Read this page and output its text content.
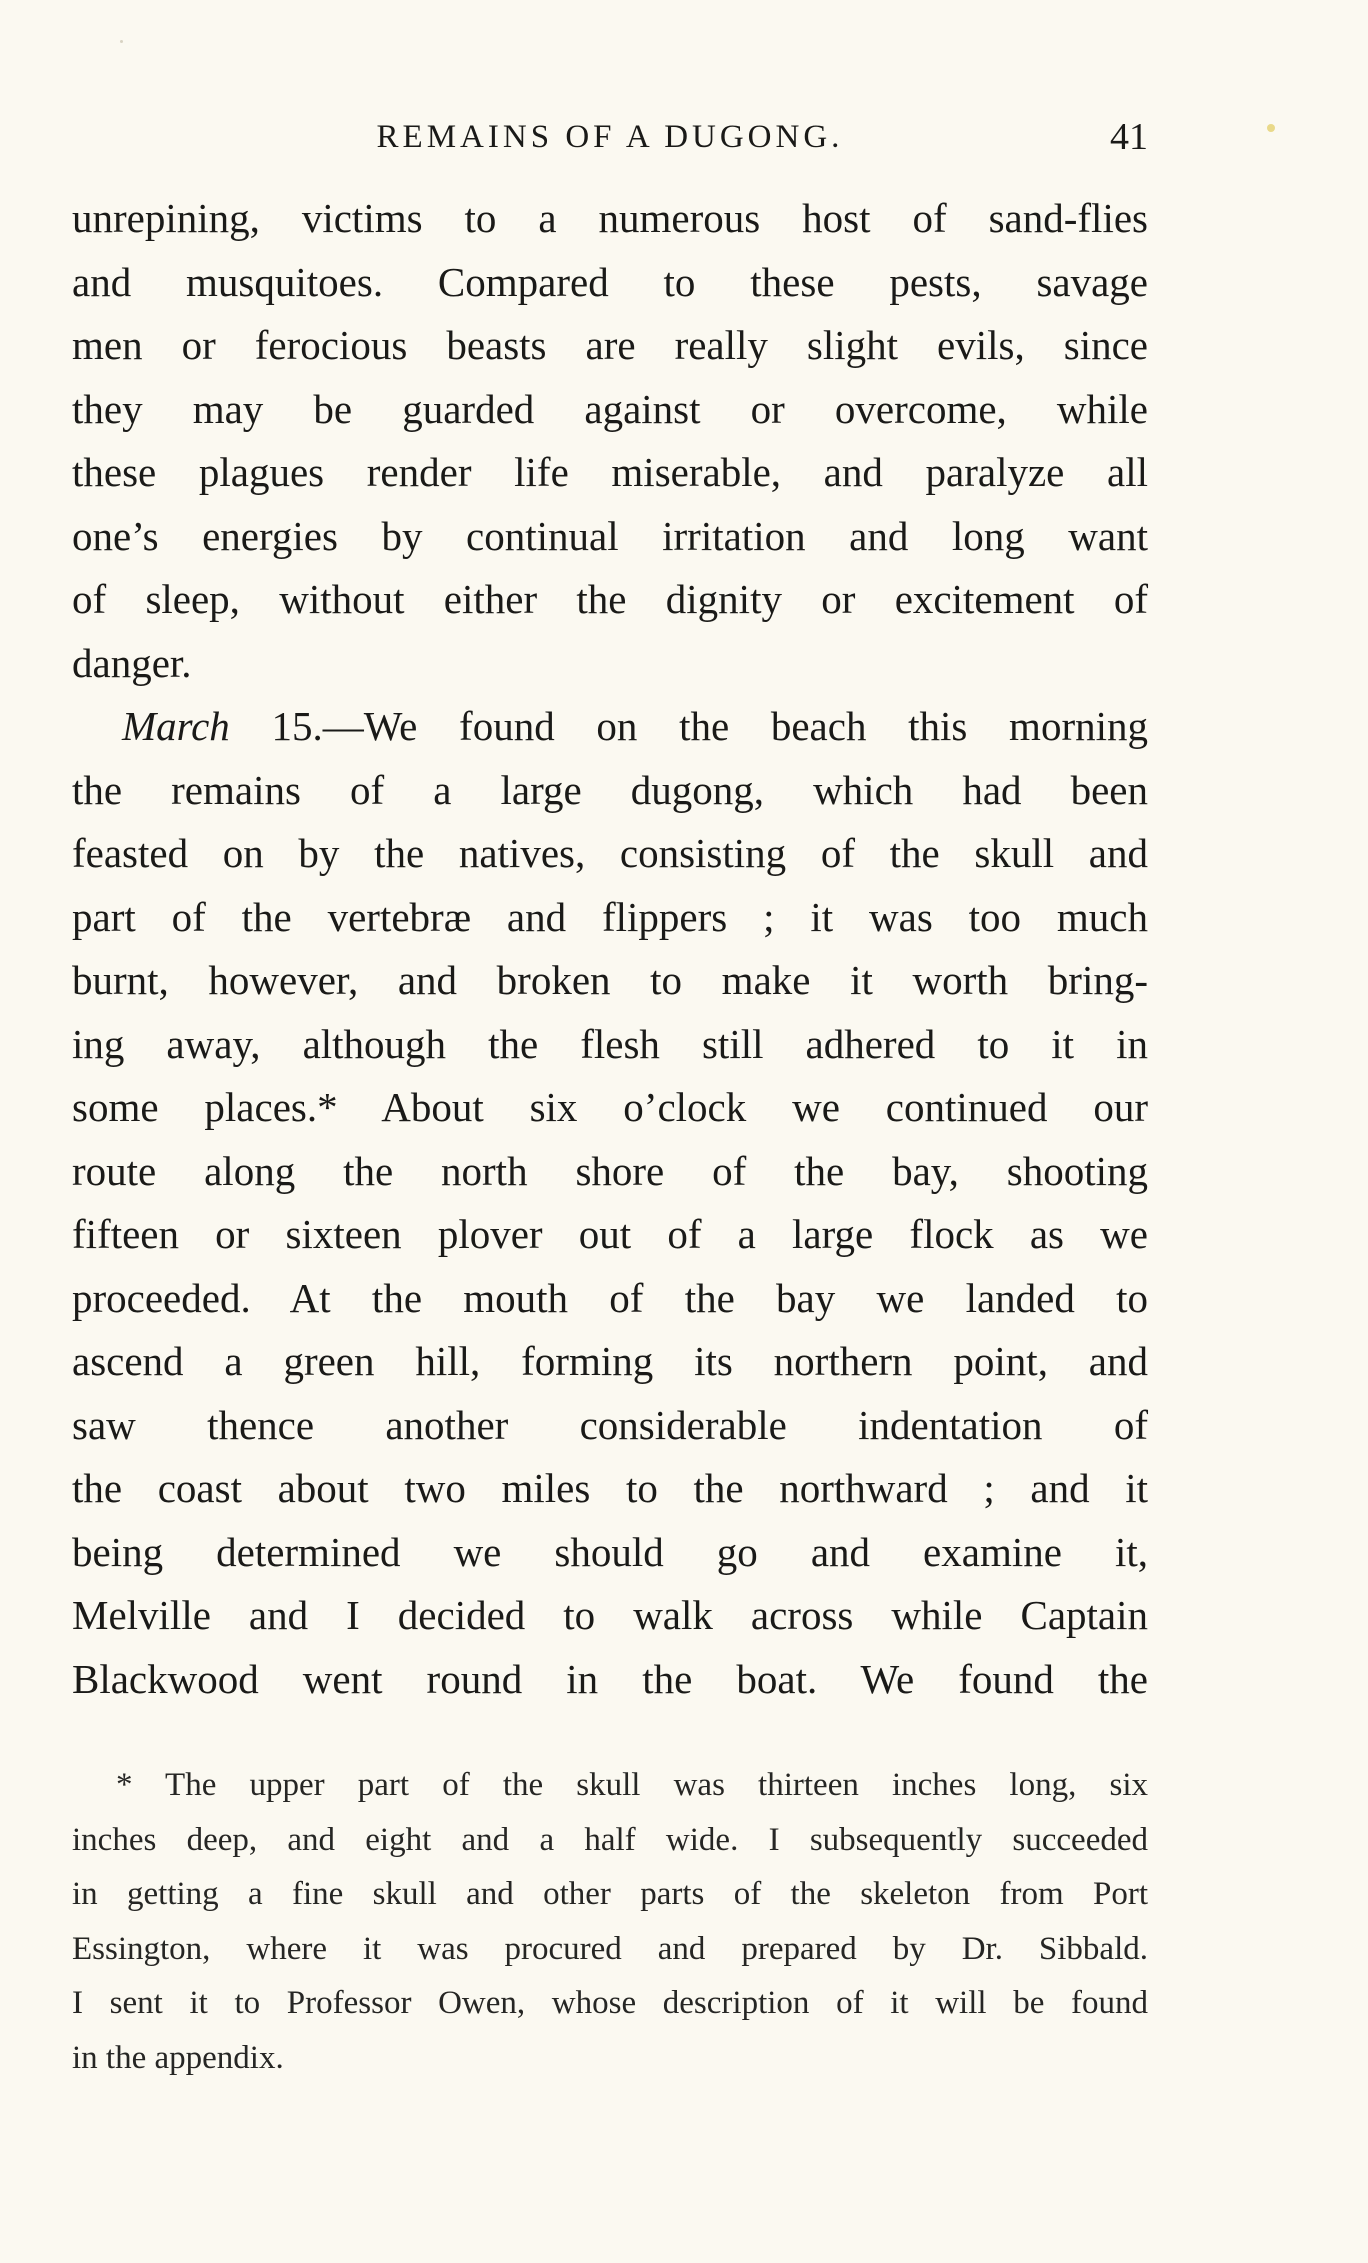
REMAINS OF A DUGONG.	41
unrepining, victims to a numerous host of sand-flies
and musquitoes. Compared to these pests, savage
men or ferocious beasts are really slight evils, since
they may be guarded against or overcome, while
these plagues render life miserable, and paralyze all
one’s energies by continual irritation and long want
of sleep, without either the dignity or excitement of
danger.
March 15.—We found on the beach this morning
the remains of a large dugong, which had been
feasted on by the natives, consisting of the skull and
part of the vertebræ and flippers ; it was too much
burnt, however, and broken to make it worth bring-
ing away, although the flesh still adhered to it in
some places.* About six o’clock we continued our
route along the north shore of the bay, shooting
fifteen or sixteen plover out of a large flock as we
proceeded. At the mouth of the bay we landed to
ascend a green hill, forming its northern point, and
saw thence another considerable indentation of
the coast about two miles to the northward ; and it
being determined we should go and examine it,
Melville and I decided to walk across while Captain
Blackwood went round in the boat. We found the
* The upper part of the skull was thirteen inches long, six
inches deep, and eight and a half wide. I subsequently succeeded
in getting a fine skull and other parts of the skeleton from Port
Essington, where it was procured and prepared by Dr. Sibbald.
I sent it to Professor Owen, whose description of it will be found
in the appendix.
